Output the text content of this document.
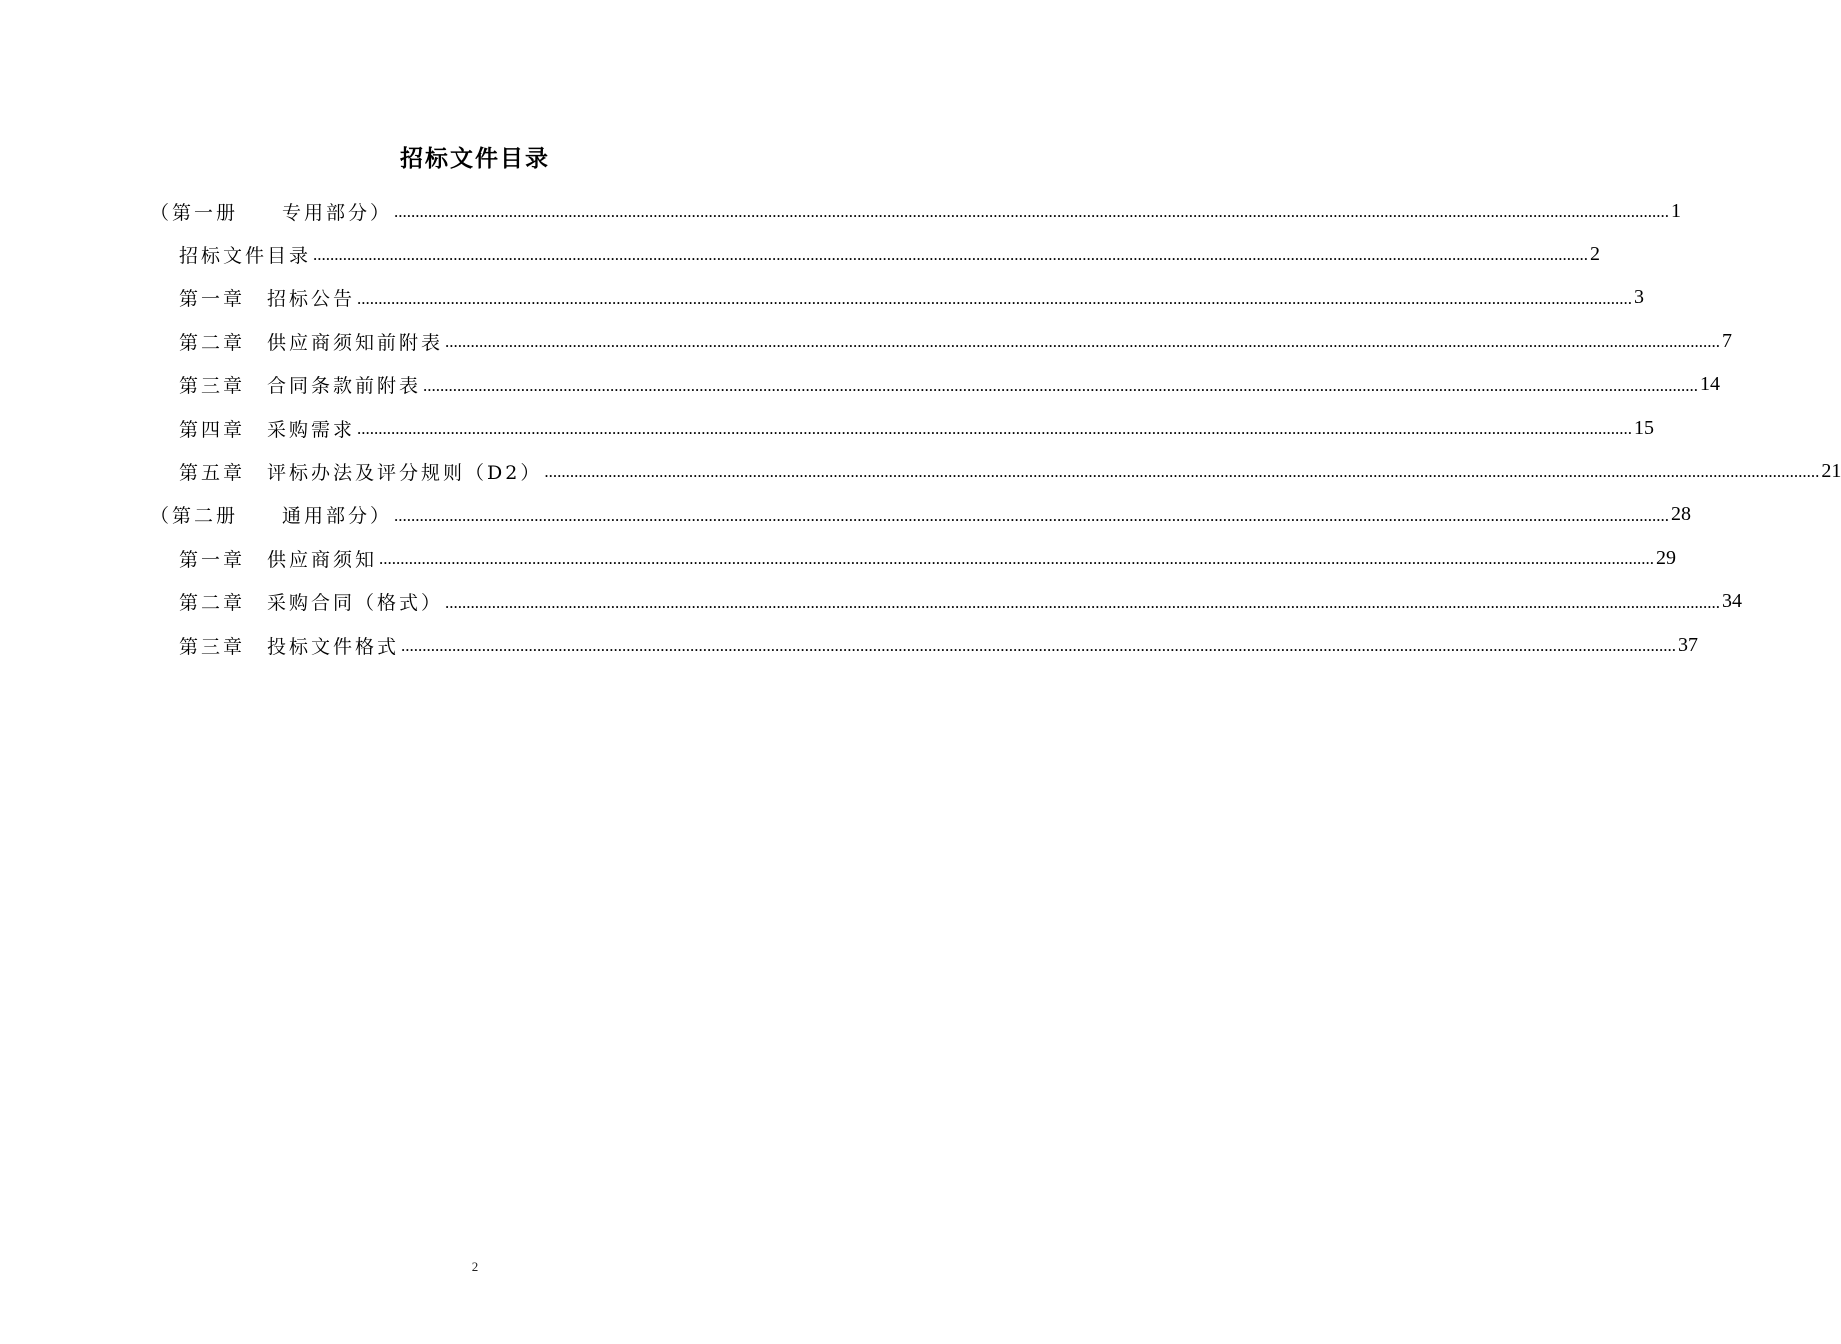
招标文件目录
（第一册　　专用部分） ............................................................................................................................................................................................................................................................................................................ 1
招标文件目录 ............................................................................................................................................................................................................................................................................................................ 2
第一章　招标公告 ............................................................................................................................................................................................................................................................................................................ 3
第二章　供应商须知前附表 ............................................................................................................................................................................................................................................................................................................ 7
第三章　合同条款前附表 ............................................................................................................................................................................................................................................................................................................ 14
第四章　采购需求 ............................................................................................................................................................................................................................................................................................................ 15
第五章　评标办法及评分规则（D2） ............................................................................................................................................................................................................................................................................................................ 21
（第二册　　通用部分） ............................................................................................................................................................................................................................................................................................................ 28
第一章　供应商须知 ............................................................................................................................................................................................................................................................................................................ 29
第二章　采购合同（格式） ............................................................................................................................................................................................................................................................................................................ 34
第三章　投标文件格式 ............................................................................................................................................................................................................................................................................................................ 37
2
